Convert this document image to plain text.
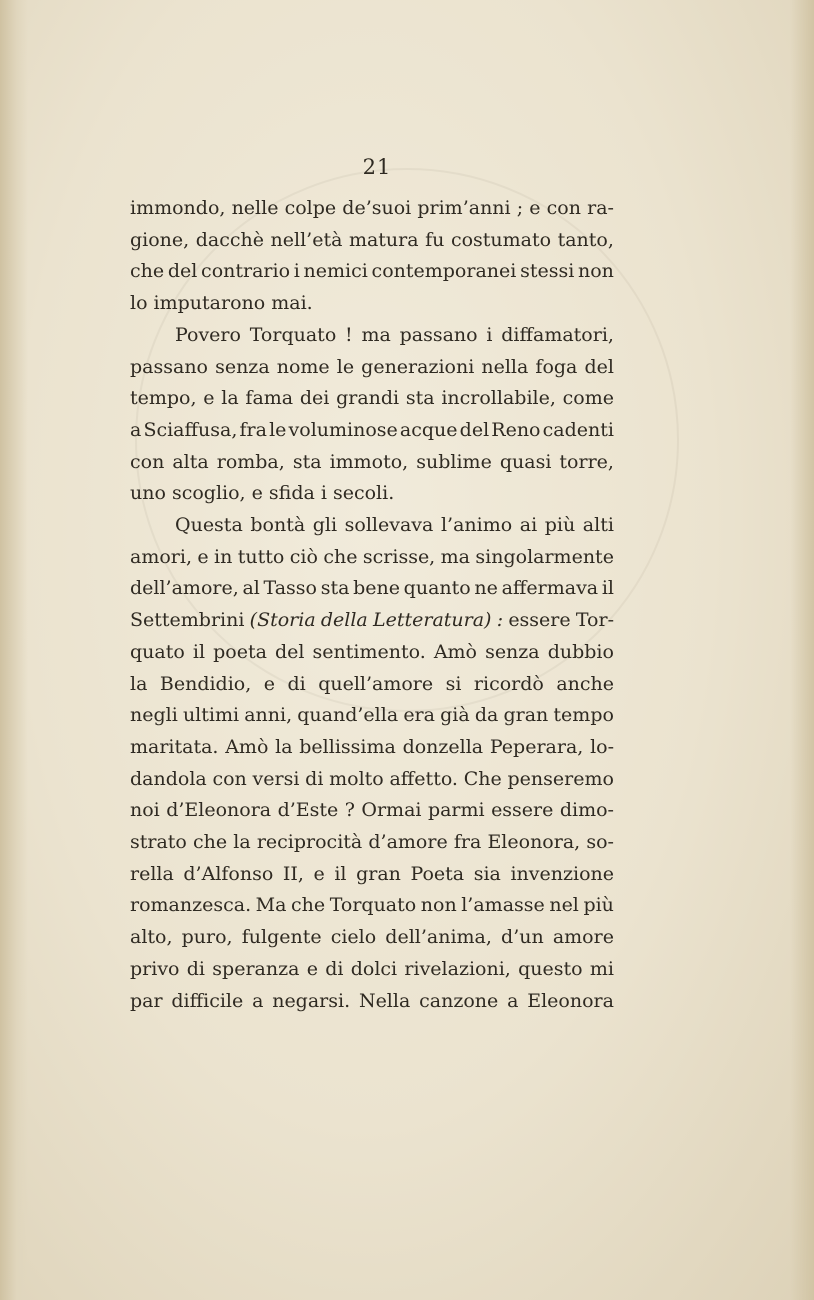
21
immondo, nelle colpe de’suoi prim’anni ; e con ra-
gione, dacchè nell’età matura fu costumato tanto,
che del contrario i nemici contemporanei stessi non
lo imputarono mai.
Povero Torquato ! ma passano i diffamatori,
passano senza nome le generazioni nella foga del
tempo, e la fama dei grandi sta incrollabile, come
a Sciaffusa, fra le voluminose acque del Reno cadenti
con alta romba, sta immoto, sublime quasi torre,
uno scoglio, e sfida i secoli.
Questa bontà gli sollevava l’animo ai più alti
amori, e in tutto ciò che scrisse, ma singolarmente
dell’amore, al Tasso sta bene quanto ne affermava il
Settembrini (Storia della Letteratura) : essere Tor-
quato il poeta del sentimento. Amò senza dubbio
la Bendidio, e di quell’amore si ricordò anche
negli ultimi anni, quand’ella era già da gran tempo
maritata. Amò la bellissima donzella Peperara, lo-
dandola con versi di molto affetto. Che penseremo
noi d’Eleonora d’Este ? Ormai parmi essere dimo-
strato che la reciprocità d’amore fra Eleonora, so-
rella d’Alfonso II, e il gran Poeta sia invenzione
romanzesca. Ma che Torquato non l’amasse nel più
alto, puro, fulgente cielo dell’anima, d’un amore
privo di speranza e di dolci rivelazioni, questo mi
par difficile a negarsi. Nella canzone a Eleonora
